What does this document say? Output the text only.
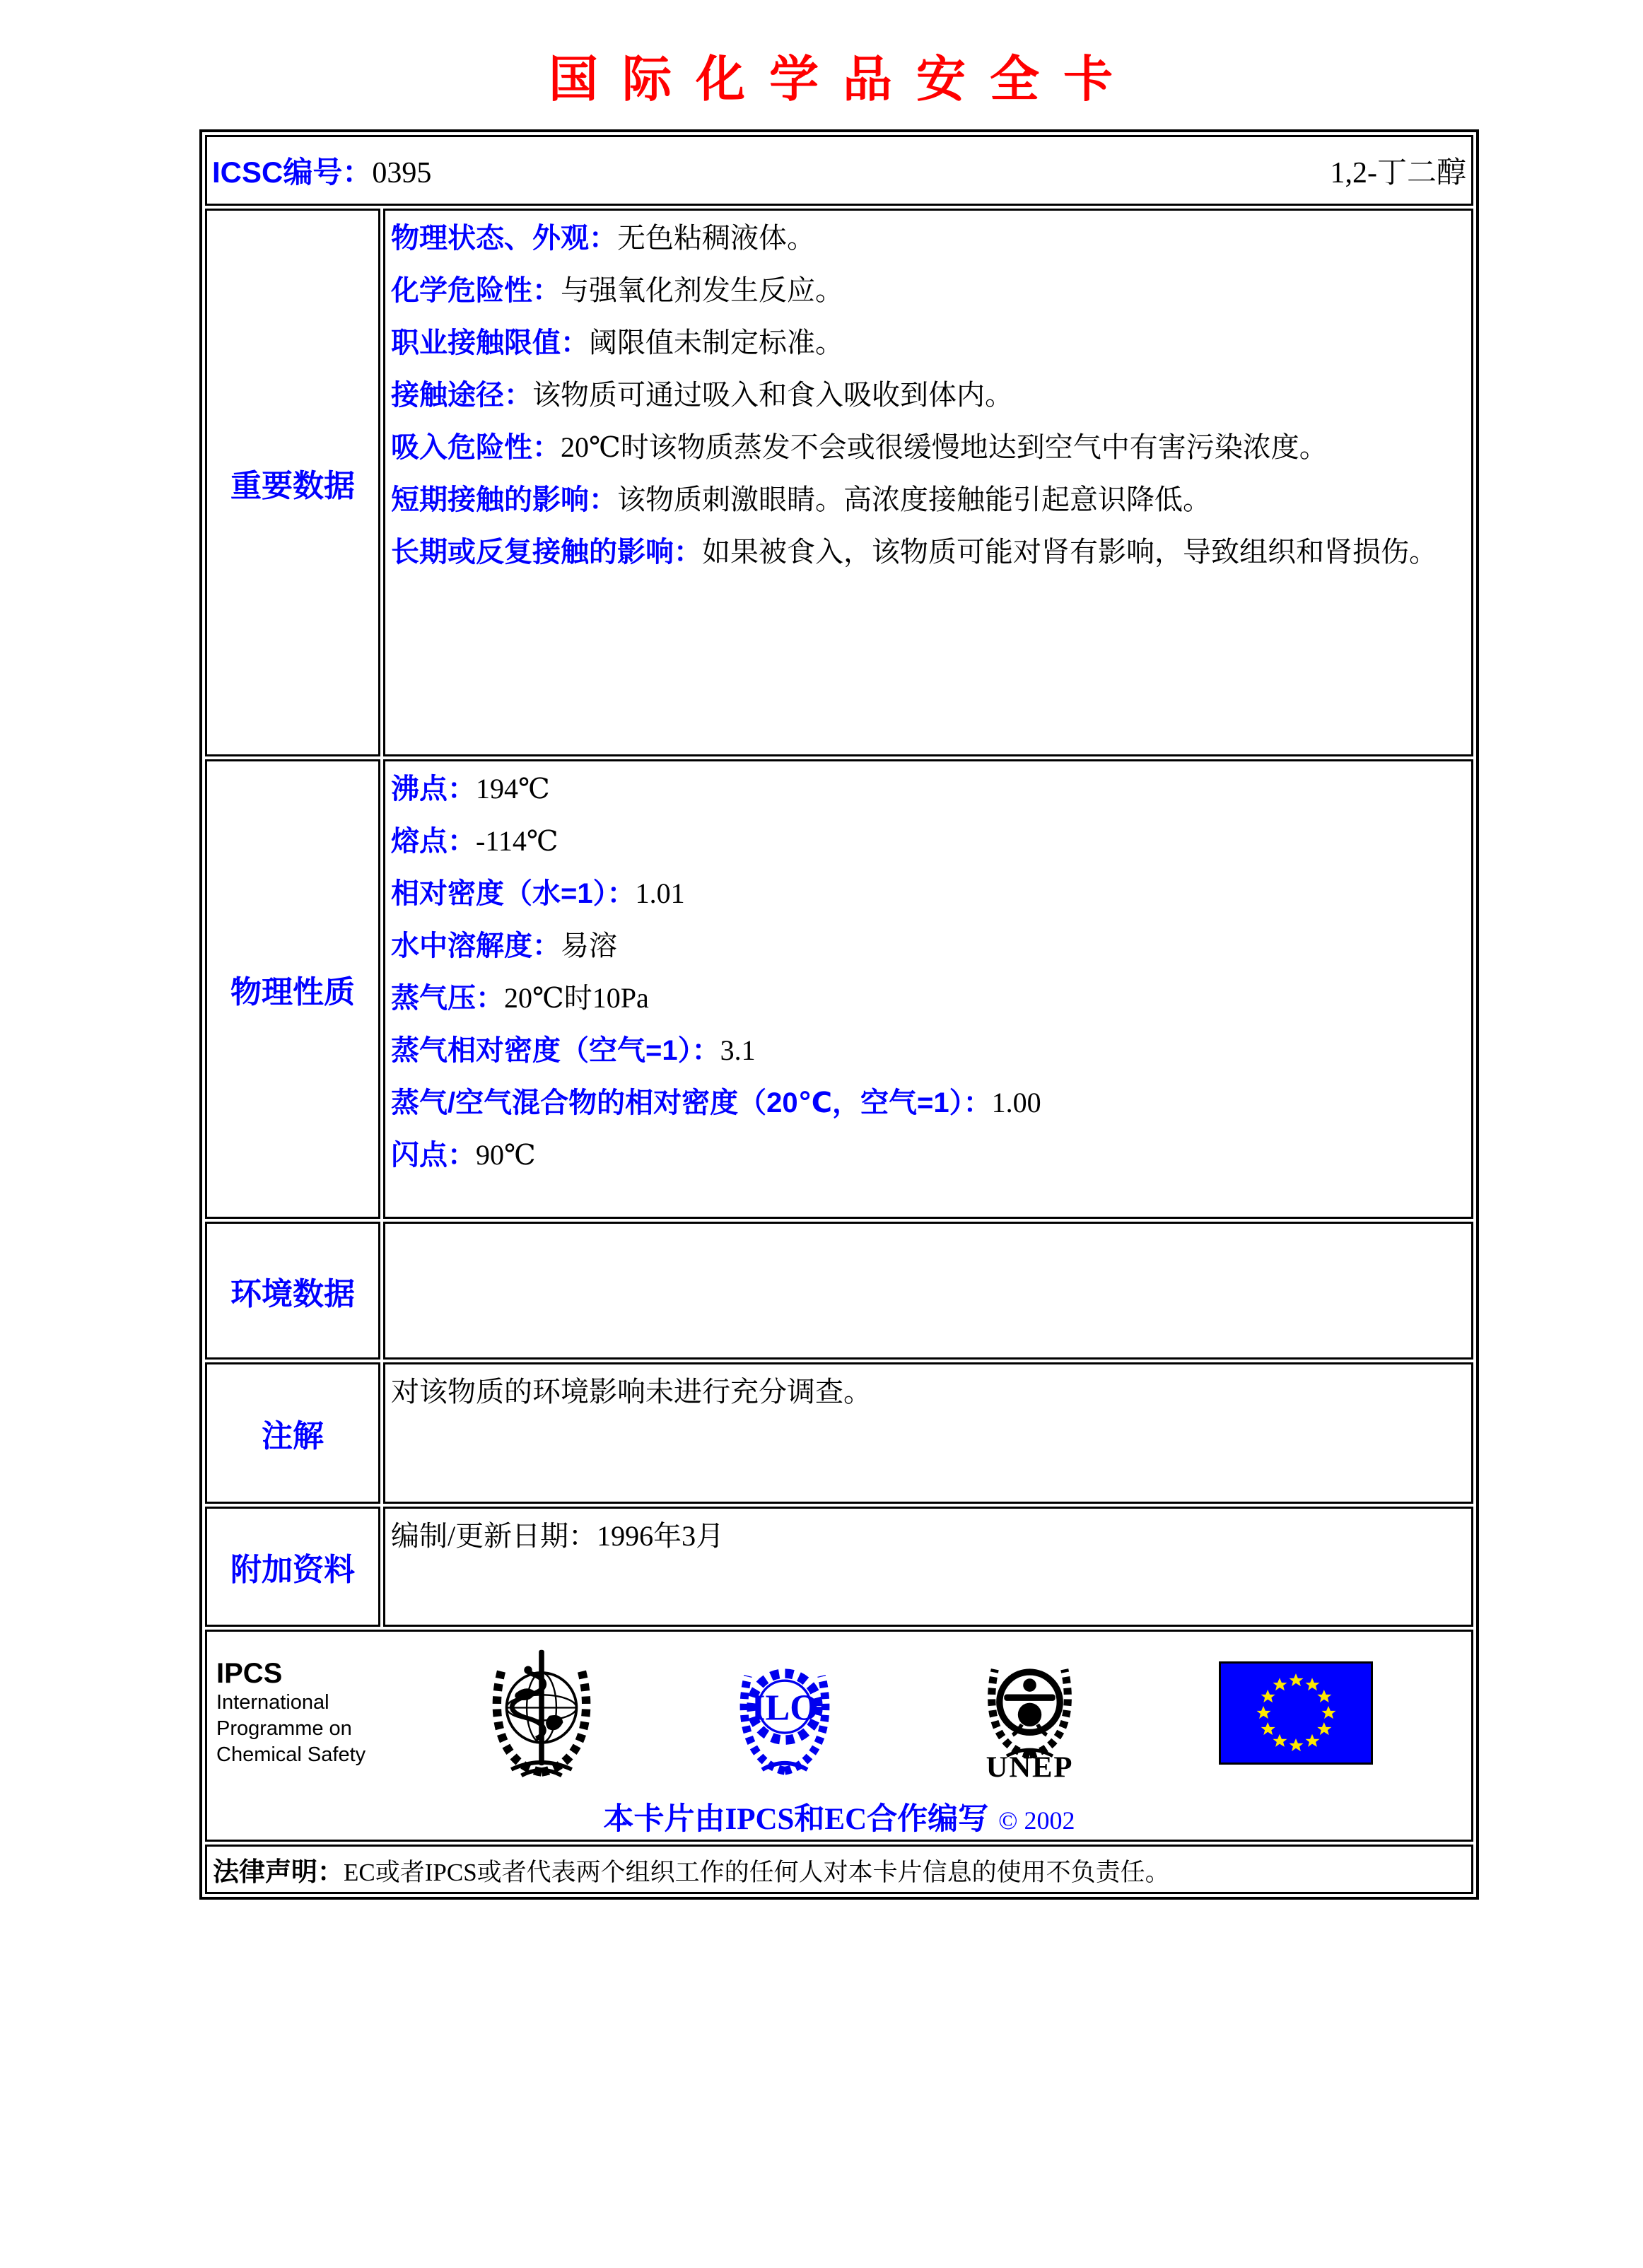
国际化学品安全卡
ICSC编号：0395 1,2-丁二醇	

重要数据	
物理状态、外观：无色粘稠液体。
化学危险性：与强氧化剂发生反应。
职业接触限值：阈限值未制定标准。
接触途径：该物质可通过吸入和食入吸收到体内。
吸入危险性：20℃时该物质蒸发不会或很缓慢地达到空气中有害污染浓度。
短期接触的影响：该物质刺激眼睛。高浓度接触能引起意识降低。
长期或反复接触的影响：如果被食入，该物质可能对肾有影响，导致组织和肾损伤。

物理性质	
沸点：194℃
熔点：-114℃
相对密度（水=1）：1.01
水中溶解度：易溶
蒸气压：20℃时10Pa
蒸气相对密度（空气=1）：3.1
蒸气/空气混合物的相对密度（20℃，空气=1）：1.00
闪点：90℃

环境数据	
注解	对该物质的环境影响未进行充分调查。
附加资料	编制/更新日期：1996年3月

IPCS
International
Programme on
Chemical Safety
ILO
UNEP
本卡片由IPCS和EC合作编写 © 2002

法律声明：EC或者IPCS或者代表两个组织工作的任何人对本卡片信息的使用不负责任。	
